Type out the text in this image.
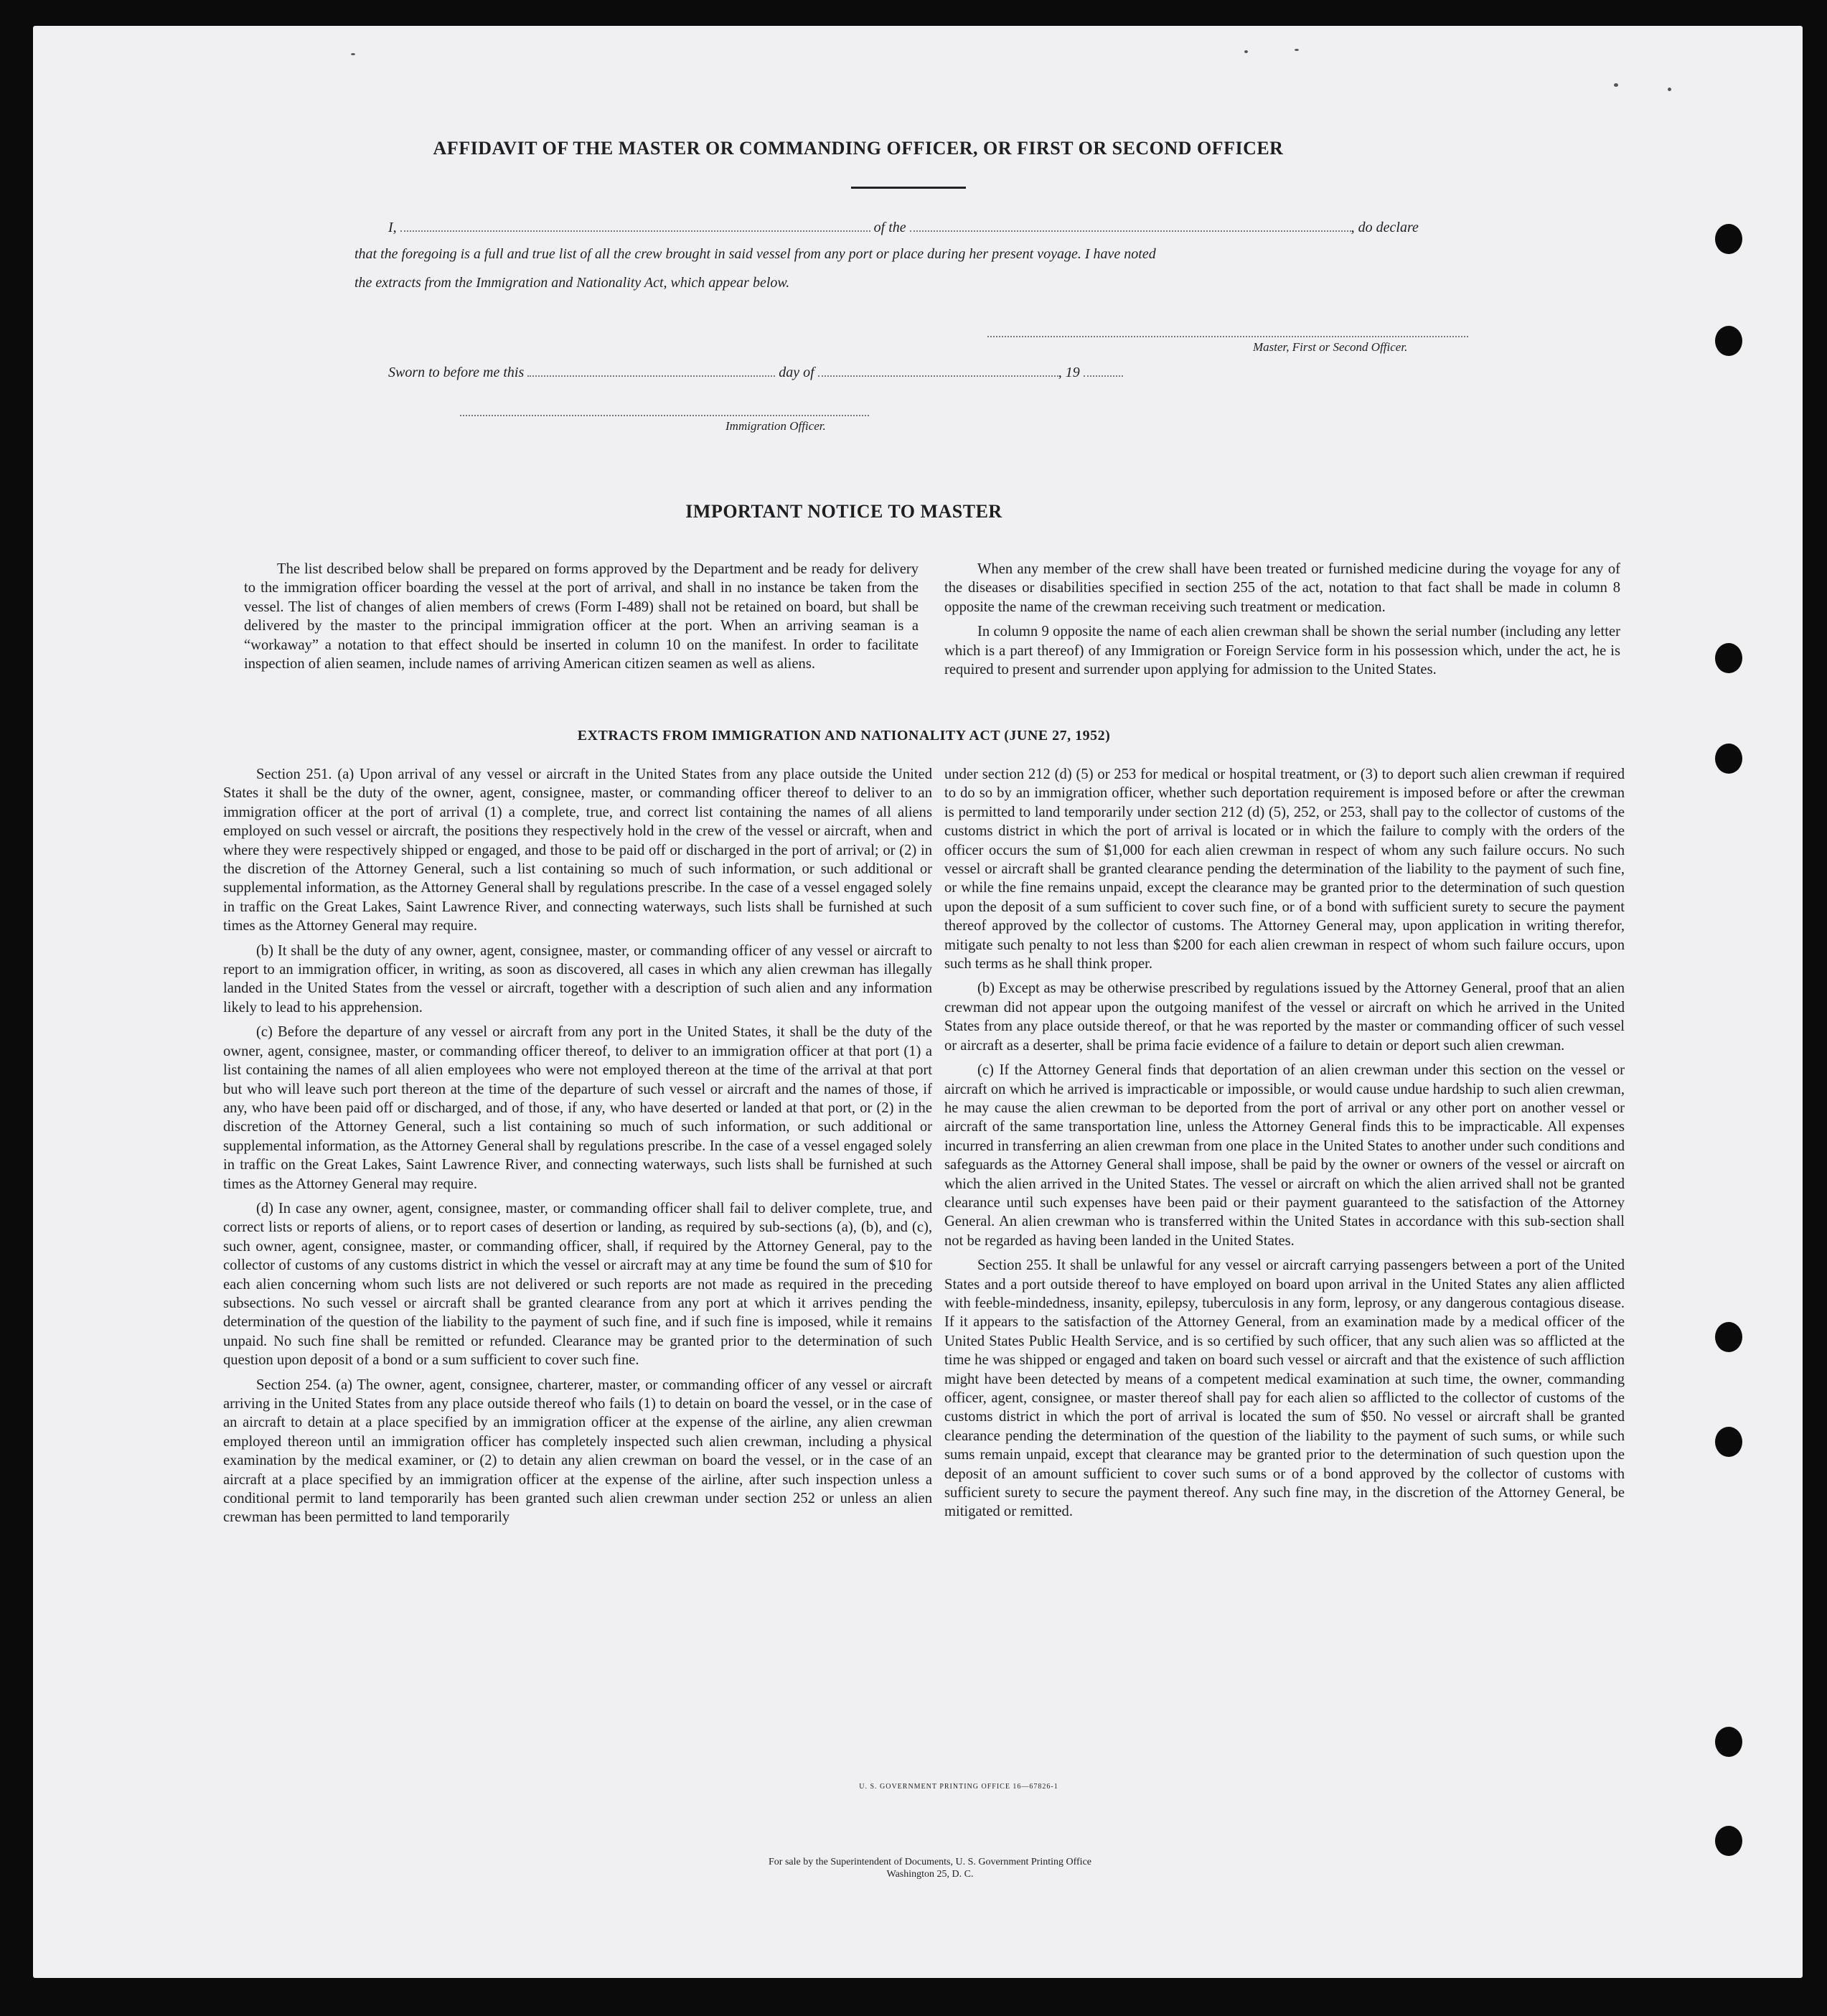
AFFIDAVIT OF THE MASTER OR COMMANDING OFFICER, OR FIRST OR SECOND OFFICER
I,	of the	, do declare
that the foregoing is a full and true list of all the crew brought in said vessel from any port or place during her present voyage. I have noted
the extracts from the Immigration and Nationality Act, which appear below.
Master, First or Second Officer.
Sworn to before me this	day of	, 19
Immigration Officer.
IMPORTANT NOTICE TO MASTER

The list described below shall be prepared on forms approved by the Department and be ready for delivery to the immigration officer boarding the vessel at the port of arrival, and shall in no instance be taken from the vessel. The list of changes of alien members of crews (Form I-489) shall not be retained on board, but shall be delivered by the master to the principal immigration officer at the port. When an arriving seaman is a “workaway” a notation to that effect should be inserted in column 10 on the manifest. In order to facilitate inspection of alien seamen, include names of arriving American citizen seamen as well as aliens.

When any member of the crew shall have been treated or furnished medicine during the voyage for any of the diseases or disabilities specified in section 255 of the act, notation to that fact shall be made in column 8 opposite the name of the crewman receiving such treatment or medication.

In column 9 opposite the name of each alien crewman shall be shown the serial number (including any letter which is a part thereof) of any Immigration or Foreign Service form in his possession which, under the act, he is required to present and surrender upon applying for admission to the United States.

EXTRACTS FROM IMMIGRATION AND NATIONALITY ACT (JUNE 27, 1952)

Section 251. (a) Upon arrival of any vessel or aircraft in the United States from any place outside the United States it shall be the duty of the owner, agent, consignee, master, or commanding officer thereof to deliver to an immigration officer at the port of arrival (1) a complete, true, and correct list containing the names of all aliens employed on such vessel or aircraft, the positions they respectively hold in the crew of the vessel or aircraft, when and where they were respectively shipped or engaged, and those to be paid off or discharged in the port of arrival; or (2) in the discretion of the Attorney General, such a list containing so much of such information, or such additional or supplemental information, as the Attorney General shall by regulations prescribe. In the case of a vessel engaged solely in traffic on the Great Lakes, Saint Lawrence River, and connecting waterways, such lists shall be furnished at such times as the Attorney General may require.

(b) It shall be the duty of any owner, agent, consignee, master, or commanding officer of any vessel or aircraft to report to an immigration officer, in writing, as soon as discovered, all cases in which any alien crewman has illegally landed in the United States from the vessel or aircraft, together with a description of such alien and any information likely to lead to his apprehension.

(c) Before the departure of any vessel or aircraft from any port in the United States, it shall be the duty of the owner, agent, consignee, master, or commanding officer thereof, to deliver to an immigration officer at that port (1) a list containing the names of all alien employees who were not employed thereon at the time of the arrival at that port but who will leave such port thereon at the time of the departure of such vessel or aircraft and the names of those, if any, who have been paid off or discharged, and of those, if any, who have deserted or landed at that port, or (2) in the discretion of the Attorney General, such a list containing so much of such information, or such additional or supplemental information, as the Attorney General shall by regulations prescribe. In the case of a vessel engaged solely in traffic on the Great Lakes, Saint Lawrence River, and connecting waterways, such lists shall be furnished at such times as the Attorney General may require.

(d) In case any owner, agent, consignee, master, or commanding officer shall fail to deliver complete, true, and correct lists or reports of aliens, or to report cases of desertion or landing, as required by sub-sections (a), (b), and (c), such owner, agent, consignee, master, or commanding officer, shall, if required by the Attorney General, pay to the collector of customs of any customs district in which the vessel or aircraft may at any time be found the sum of $10 for each alien concerning whom such lists are not delivered or such reports are not made as required in the preceding subsections. No such vessel or aircraft shall be granted clearance from any port at which it arrives pending the determination of the question of the liability to the payment of such fine, and if such fine is imposed, while it remains unpaid. No such fine shall be remitted or refunded. Clearance may be granted prior to the determination of such question upon deposit of a bond or a sum sufficient to cover such fine.

Section 254. (a) The owner, agent, consignee, charterer, master, or commanding officer of any vessel or aircraft arriving in the United States from any place outside thereof who fails (1) to detain on board the vessel, or in the case of an aircraft to detain at a place specified by an immigration officer at the expense of the airline, any alien crewman employed thereon until an immigration officer has completely inspected such alien crewman, including a physical examination by the medical examiner, or (2) to detain any alien crewman on board the vessel, or in the case of an aircraft at a place specified by an immigration officer at the expense of the airline, after such inspection unless a conditional permit to land temporarily has been granted such alien crewman under section 252 or unless an alien crewman has been permitted to land temporarily

under section 212 (d) (5) or 253 for medical or hospital treatment, or (3) to deport such alien crewman if required to do so by an immigration officer, whether such deportation requirement is imposed before or after the crewman is permitted to land temporarily under section 212 (d) (5), 252, or 253, shall pay to the collector of customs of the customs district in which the port of arrival is located or in which the failure to comply with the orders of the officer occurs the sum of $1,000 for each alien crewman in respect of whom any such failure occurs. No such vessel or aircraft shall be granted clearance pending the determination of the liability to the payment of such fine, or while the fine remains unpaid, except the clearance may be granted prior to the determination of such question upon the deposit of a sum sufficient to cover such fine, or of a bond with sufficient surety to secure the payment thereof approved by the collector of customs. The Attorney General may, upon application in writing therefor, mitigate such penalty to not less than $200 for each alien crewman in respect of whom such failure occurs, upon such terms as he shall think proper.

(b) Except as may be otherwise prescribed by regulations issued by the Attorney General, proof that an alien crewman did not appear upon the outgoing manifest of the vessel or aircraft on which he arrived in the United States from any place outside thereof, or that he was reported by the master or commanding officer of such vessel or aircraft as a deserter, shall be prima facie evidence of a failure to detain or deport such alien crewman.

(c) If the Attorney General finds that deportation of an alien crewman under this section on the vessel or aircraft on which he arrived is impracticable or impossible, or would cause undue hardship to such alien crewman, he may cause the alien crewman to be deported from the port of arrival or any other port on another vessel or aircraft of the same transportation line, unless the Attorney General finds this to be impracticable. All expenses incurred in transferring an alien crewman from one place in the United States to another under such conditions and safeguards as the Attorney General shall impose, shall be paid by the owner or owners of the vessel or aircraft on which the alien arrived in the United States. The vessel or aircraft on which the alien arrived shall not be granted clearance until such expenses have been paid or their payment guaranteed to the satisfaction of the Attorney General. An alien crewman who is transferred within the United States in accordance with this sub-section shall not be regarded as having been landed in the United States.

Section 255. It shall be unlawful for any vessel or aircraft carrying passengers between a port of the United States and a port outside thereof to have employed on board upon arrival in the United States any alien afflicted with feeble-mindedness, insanity, epilepsy, tuberculosis in any form, leprosy, or any dangerous contagious disease. If it appears to the satisfaction of the Attorney General, from an examination made by a medical officer of the United States Public Health Service, and is so certified by such officer, that any such alien was so afflicted at the time he was shipped or engaged and taken on board such vessel or aircraft and that the existence of such affliction might have been detected by means of a competent medical examination at such time, the owner, commanding officer, agent, consignee, or master thereof shall pay for each alien so afflicted to the collector of customs of the customs district in which the port of arrival is located the sum of $50. No vessel or aircraft shall be granted clearance pending the determination of the question of the liability to the payment of such sums, or while such sums remain unpaid, except that clearance may be granted prior to the determination of such question upon the deposit of an amount sufficient to cover such sums or of a bond approved by the collector of customs with sufficient surety to secure the payment thereof. Any such fine may, in the discretion of the Attorney General, be mitigated or remitted.

U. S. GOVERNMENT PRINTING OFFICE 16—67826-1
For sale by the Superintendent of Documents, U. S. Government Printing Office
Washington 25, D. C.
